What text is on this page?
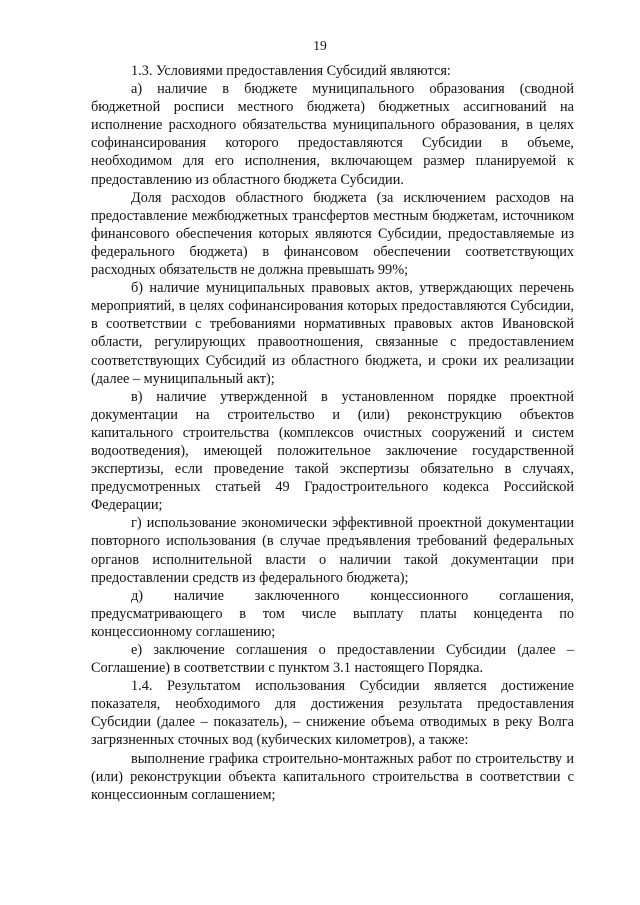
19

1.3. Условиями предоставления Субсидий являются:

а) наличие в бюджете муниципального образования (сводной бюджетной росписи местного бюджета) бюджетных ассигнований на исполнение расходного обязательства муниципального образования, в целях софинансирования которого предоставляются Субсидии в объеме, необходимом для его исполнения, включающем размер планируемой к предоставлению из областного бюджета Субсидии.

Доля расходов областного бюджета (за исключением расходов на предоставление межбюджетных трансфертов местным бюджетам, источником финансового обеспечения которых являются Субсидии, предоставляемые из федерального бюджета) в финансовом обеспечении соответствующих расходных обязательств не должна превышать 99%;

б) наличие муниципальных правовых актов, утверждающих перечень мероприятий, в целях софинансирования которых предоставляются Субсидии, в соответствии с требованиями нормативных правовых актов Ивановской области, регулирующих правоотношения, связанные с предоставлением соответствующих Субсидий из областного бюджета, и сроки их реализации (далее – муниципальный акт);

в) наличие утвержденной в установленном порядке проектной документации на строительство и (или) реконструкцию объектов капитального строительства (комплексов очистных сооружений и систем водоотведения), имеющей положительное заключение государственной экспертизы, если проведение такой экспертизы обязательно в случаях, предусмотренных статьей 49 Градостроительного кодекса Российской Федерации;

г) использование экономически эффективной проектной документации повторного использования (в случае предъявления требований федеральных органов исполнительной власти о наличии такой документации при предоставлении средств из федерального бюджета);

д) наличие заключенного концессионного соглашения, предусматривающего в том числе выплату платы концедента по концессионному соглашению;

е) заключение соглашения о предоставлении Субсидии (далее – Соглашение) в соответствии с пунктом 3.1 настоящего Порядка.

1.4. Результатом использования Субсидии является достижение показателя, необходимого для достижения результата предоставления Субсидии (далее – показатель), – снижение объема отводимых в реку Волга загрязненных сточных вод (кубических километров), а также:

выполнение графика строительно-монтажных работ по строительству и (или) реконструкции объекта капитального строительства в соответствии с концессионным соглашением;
